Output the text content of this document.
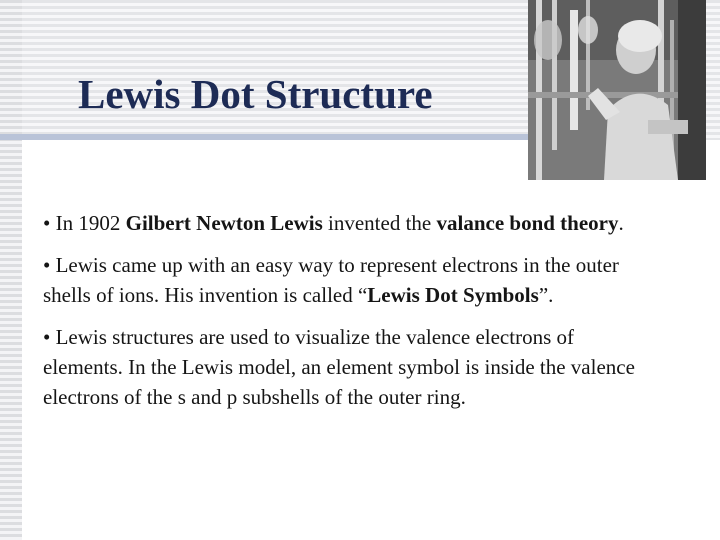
Lewis Dot Structure
• In 1902 Gilbert Newton Lewis invented the valance bond theory.
• Lewis came up with an easy way to represent electrons in the outer shells of ions. His invention is called “Lewis Dot Symbols”.
• Lewis structures are used to visualize the valence electrons of elements. In the Lewis model, an element symbol is inside the valence electrons of the s and p subshells of the outer ring.
